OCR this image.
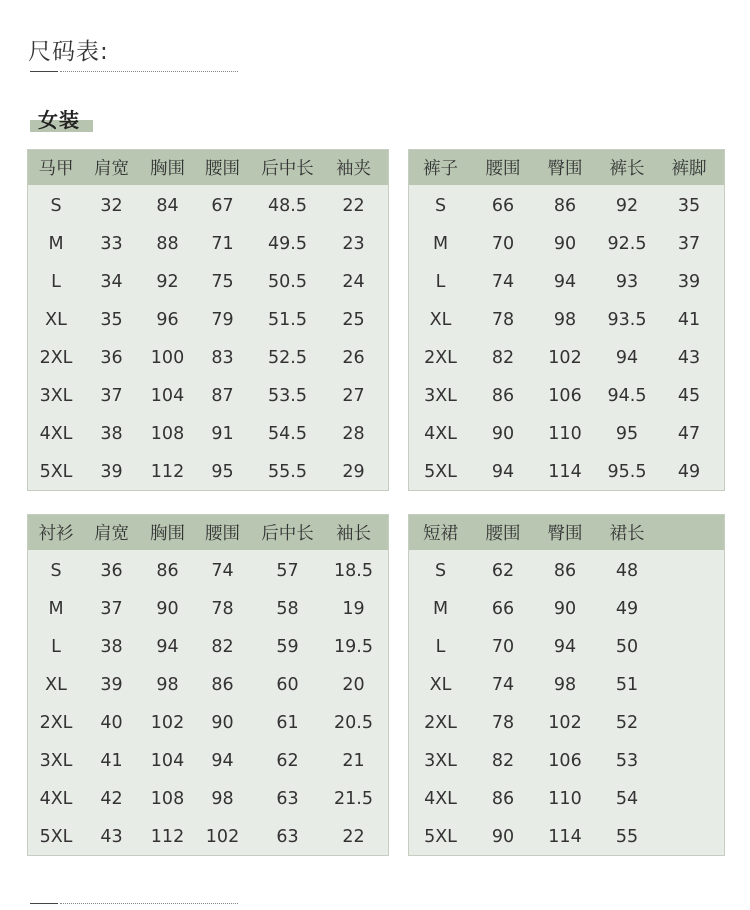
尺码表:
女装
马甲	肩宽	胸围	腰围	后中长	袖夹
S	32	84	67	48.5	22
M	33	88	71	49.5	23
L	34	92	75	50.5	24
XL	35	96	79	51.5	25
2XL	36	100	83	52.5	26
3XL	37	104	87	53.5	27
4XL	38	108	91	54.5	28
5XL	39	112	95	55.5	29
裤子	腰围	臀围	裤长	裤脚
S	66	86	92	35
M	70	90	92.5	37
L	74	94	93	39
XL	78	98	93.5	41
2XL	82	102	94	43
3XL	86	106	94.5	45
4XL	90	110	95	47
5XL	94	114	95.5	49
衬衫	肩宽	胸围	腰围	后中长	袖长
S	36	86	74	57	18.5
M	37	90	78	58	19
L	38	94	82	59	19.5
XL	39	98	86	60	20
2XL	40	102	90	61	20.5
3XL	41	104	94	62	21
4XL	42	108	98	63	21.5
5XL	43	112	102	63	22
短裙	腰围	臀围	裙长
S	62	86	48
M	66	90	49
L	70	94	50
XL	74	98	51
2XL	78	102	52
3XL	82	106	53
4XL	86	110	54
5XL	90	114	55
